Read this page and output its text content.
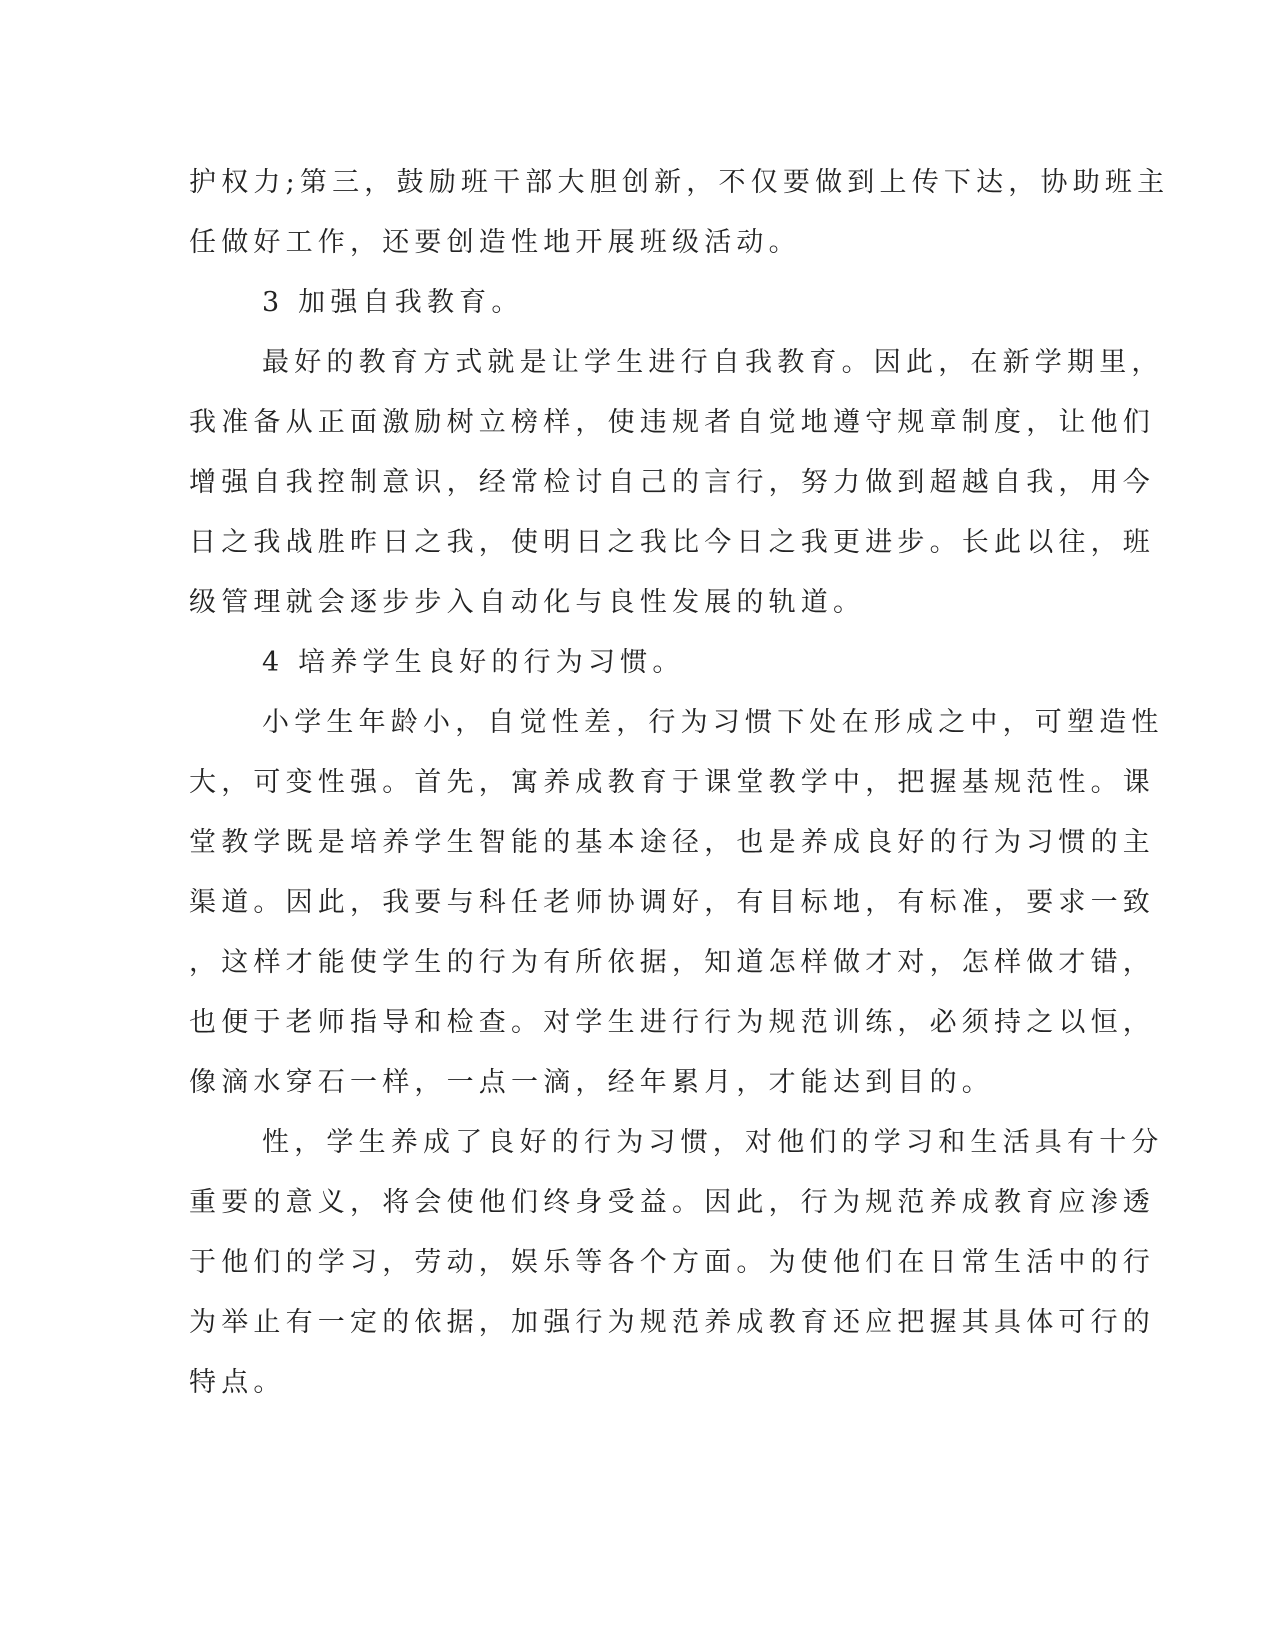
护权力;第三，鼓励班干部大胆创新，不仅要做到上传下达，协助班主
任做好工作，还要创造性地开展班级活动。
3 加强自我教育。
最好的教育方式就是让学生进行自我教育。因此，在新学期里，
我准备从正面激励树立榜样，使违规者自觉地遵守规章制度，让他们
增强自我控制意识，经常检讨自己的言行，努力做到超越自我，用今
日之我战胜昨日之我，使明日之我比今日之我更进步。长此以往，班
级管理就会逐步步入自动化与良性发展的轨道。
4 培养学生良好的行为习惯。
小学生年龄小，自觉性差，行为习惯下处在形成之中，可塑造性
大，可变性强。首先，寓养成教育于课堂教学中，把握基规范性。课
堂教学既是培养学生智能的基本途径，也是养成良好的行为习惯的主
渠道。因此，我要与科任老师协调好，有目标地，有标准，要求一致
，这样才能使学生的行为有所依据，知道怎样做才对，怎样做才错，
也便于老师指导和检查。对学生进行行为规范训练，必须持之以恒，
像滴水穿石一样，一点一滴，经年累月，才能达到目的。
性，学生养成了良好的行为习惯，对他们的学习和生活具有十分
重要的意义，将会使他们终身受益。因此，行为规范养成教育应渗透
于他们的学习，劳动，娱乐等各个方面。为使他们在日常生活中的行
为举止有一定的依据，加强行为规范养成教育还应把握其具体可行的
特点。
